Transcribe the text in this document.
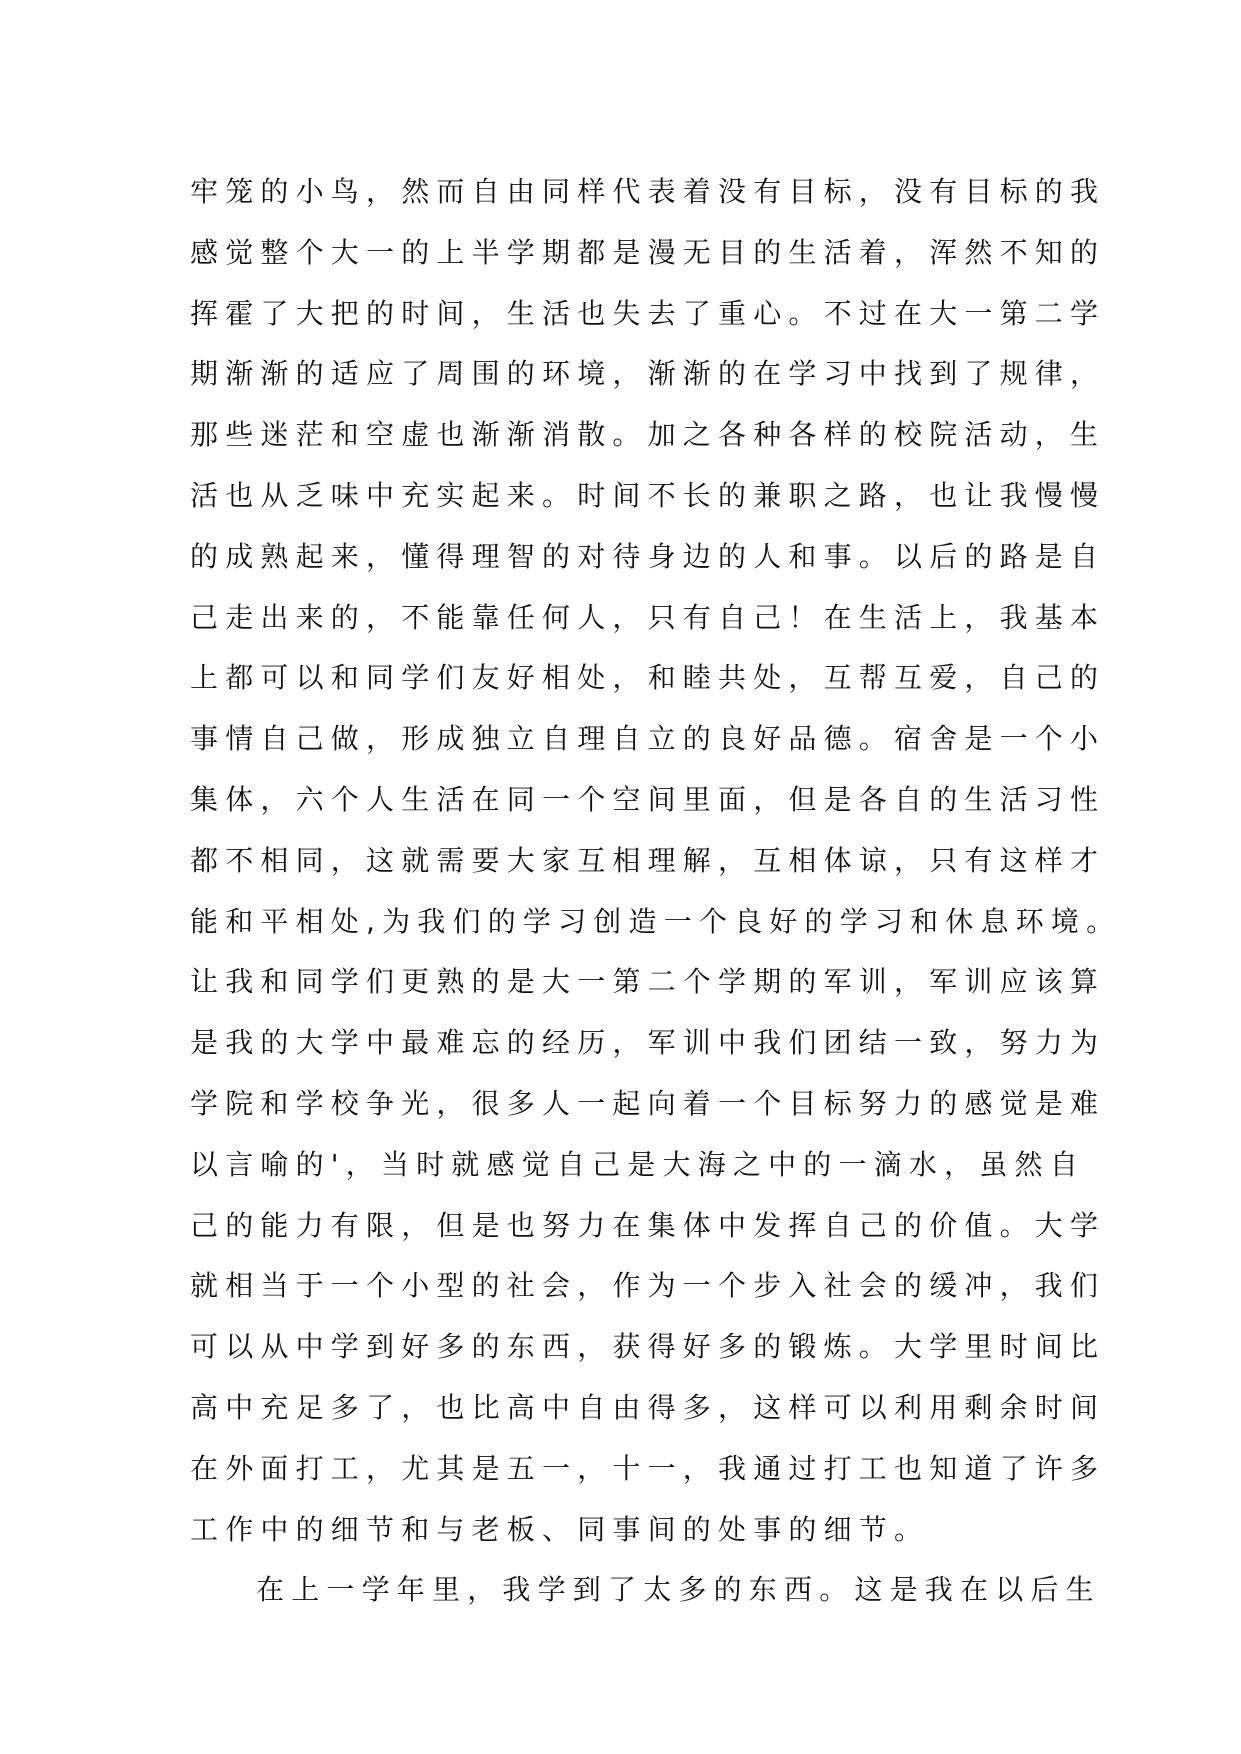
牢笼的小鸟，然而自由同样代表着没有目标，没有目标的我
感觉整个大一的上半学期都是漫无目的生活着，浑然不知的
挥霍了大把的时间，生活也失去了重心。不过在大一第二学
期渐渐的适应了周围的环境，渐渐的在学习中找到了规律，
那些迷茫和空虚也渐渐消散。加之各种各样的校院活动，生
活也从乏味中充实起来。时间不长的兼职之路，也让我慢慢
的成熟起来，懂得理智的对待身边的人和事。以后的路是自
己走出来的，不能靠任何人，只有自己！在生活上，我基本
上都可以和同学们友好相处，和睦共处，互帮互爱，自己的
事情自己做，形成独立自理自立的良好品德。宿舍是一个小
集体，六个人生活在同一个空间里面，但是各自的生活习性
都不相同，这就需要大家互相理解，互相体谅，只有这样才
能和平相处,为我们的学习创造一个良好的学习和休息环境。
让我和同学们更熟的是大一第二个学期的军训，军训应该算
是我的大学中最难忘的经历，军训中我们团结一致，努力为
学院和学校争光，很多人一起向着一个目标努力的感觉是难
以言喻的'，当时就感觉自己是大海之中的一滴水，虽然自
己的能力有限，但是也努力在集体中发挥自己的价值。大学
就相当于一个小型的社会，作为一个步入社会的缓冲，我们
可以从中学到好多的东西，获得好多的锻炼。大学里时间比
高中充足多了，也比高中自由得多，这样可以利用剩余时间
在外面打工，尤其是五一，十一，我通过打工也知道了许多
工作中的细节和与老板、同事间的处事的细节。
在上一学年里，我学到了太多的东西。这是我在以后生
